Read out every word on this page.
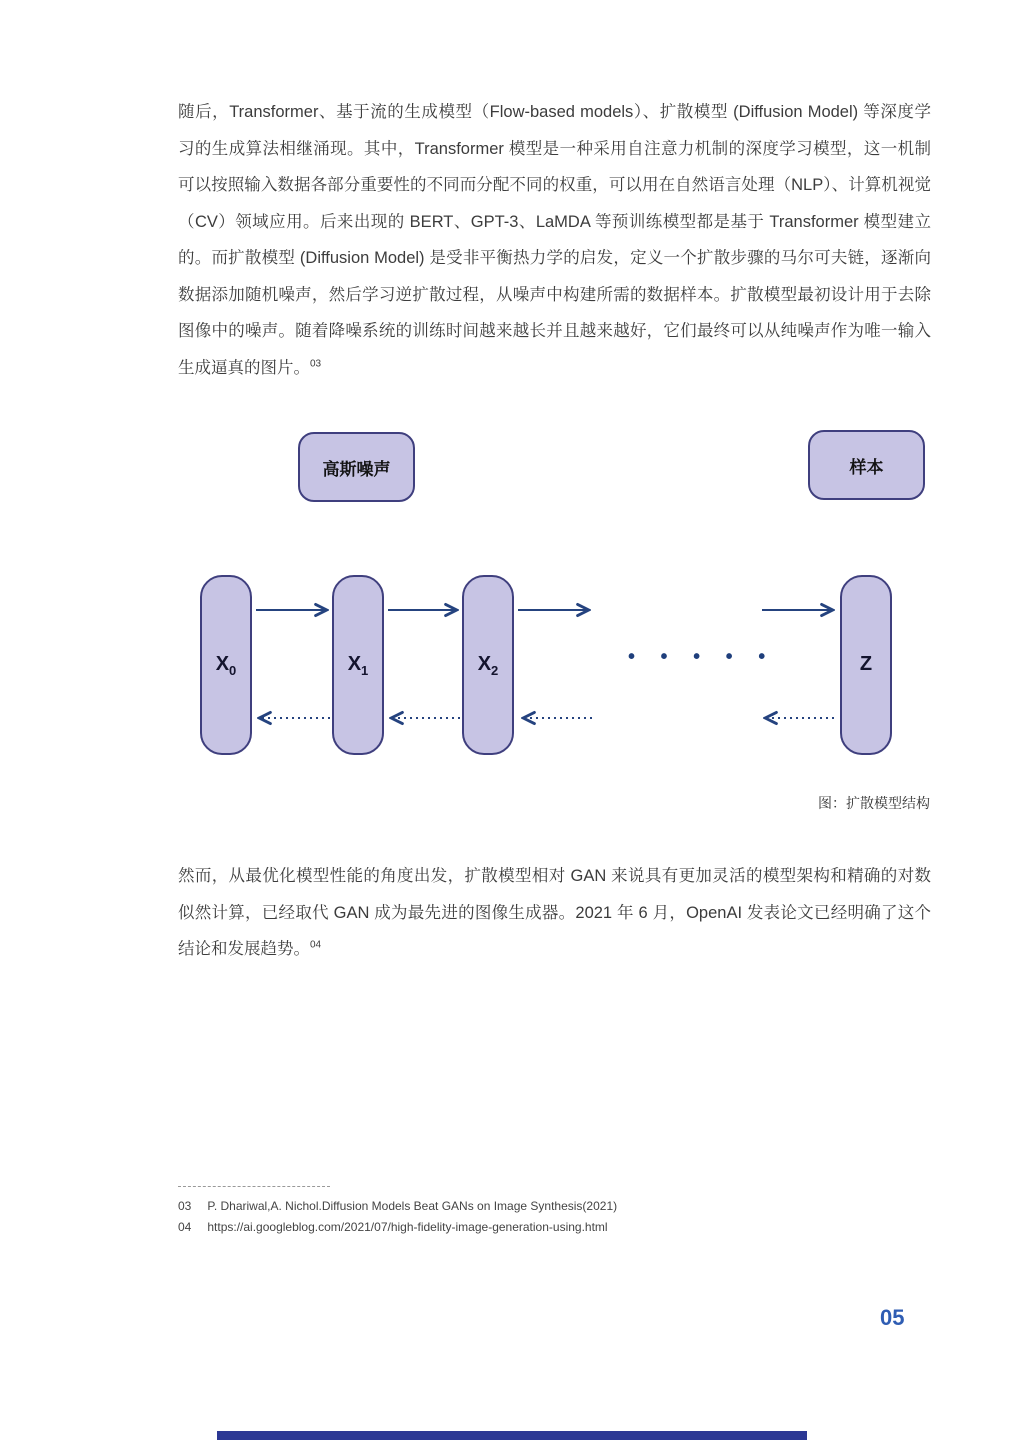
随后，Transformer、基于流的生成模型（Flow-based models）、扩散模型 (Diffusion Model) 等深度学习的生成算法相继涌现。其中，Transformer 模型是一种采用自注意力机制的深度学习模型，这一机制可以按照输入数据各部分重要性的不同而分配不同的权重，可以用在自然语言处理（NLP）、计算机视觉（CV）领域应用。后来出现的 BERT、GPT-3、LaMDA 等预训练模型都是基于 Transformer 模型建立的。而扩散模型 (Diffusion Model) 是受非平衡热力学的启发，定义一个扩散步骤的马尔可夫链，逐渐向数据添加随机噪声，然后学习逆扩散过程，从噪声中构建所需的数据样本。扩散模型最初设计用于去除图像中的噪声。随着降噪系统的训练时间越来越长并且越来越好，它们最终可以从纯噪声作为唯一输入生成逼真的图片。$^{03}$

高斯噪声	样本
$X_0$	$X_1$	$X_2$	Z
• • • • •
图：扩散模型结构

然而，从最优化模型性能的角度出发，扩散模型相对 GAN 来说具有更加灵活的模型架构和精确的对数似然计算，已经取代 GAN 成为最先进的图像生成器。2021 年 6 月，OpenAI 发表论文已经明确了这个结论和发展趋势。$^{04}$

03 P. Dhariwal,A. Nichol.Diffusion Models Beat GANs on Image Synthesis(2021)
04 https://ai.googleblog.com/2021/07/high-fidelity-image-generation-using.html
05
